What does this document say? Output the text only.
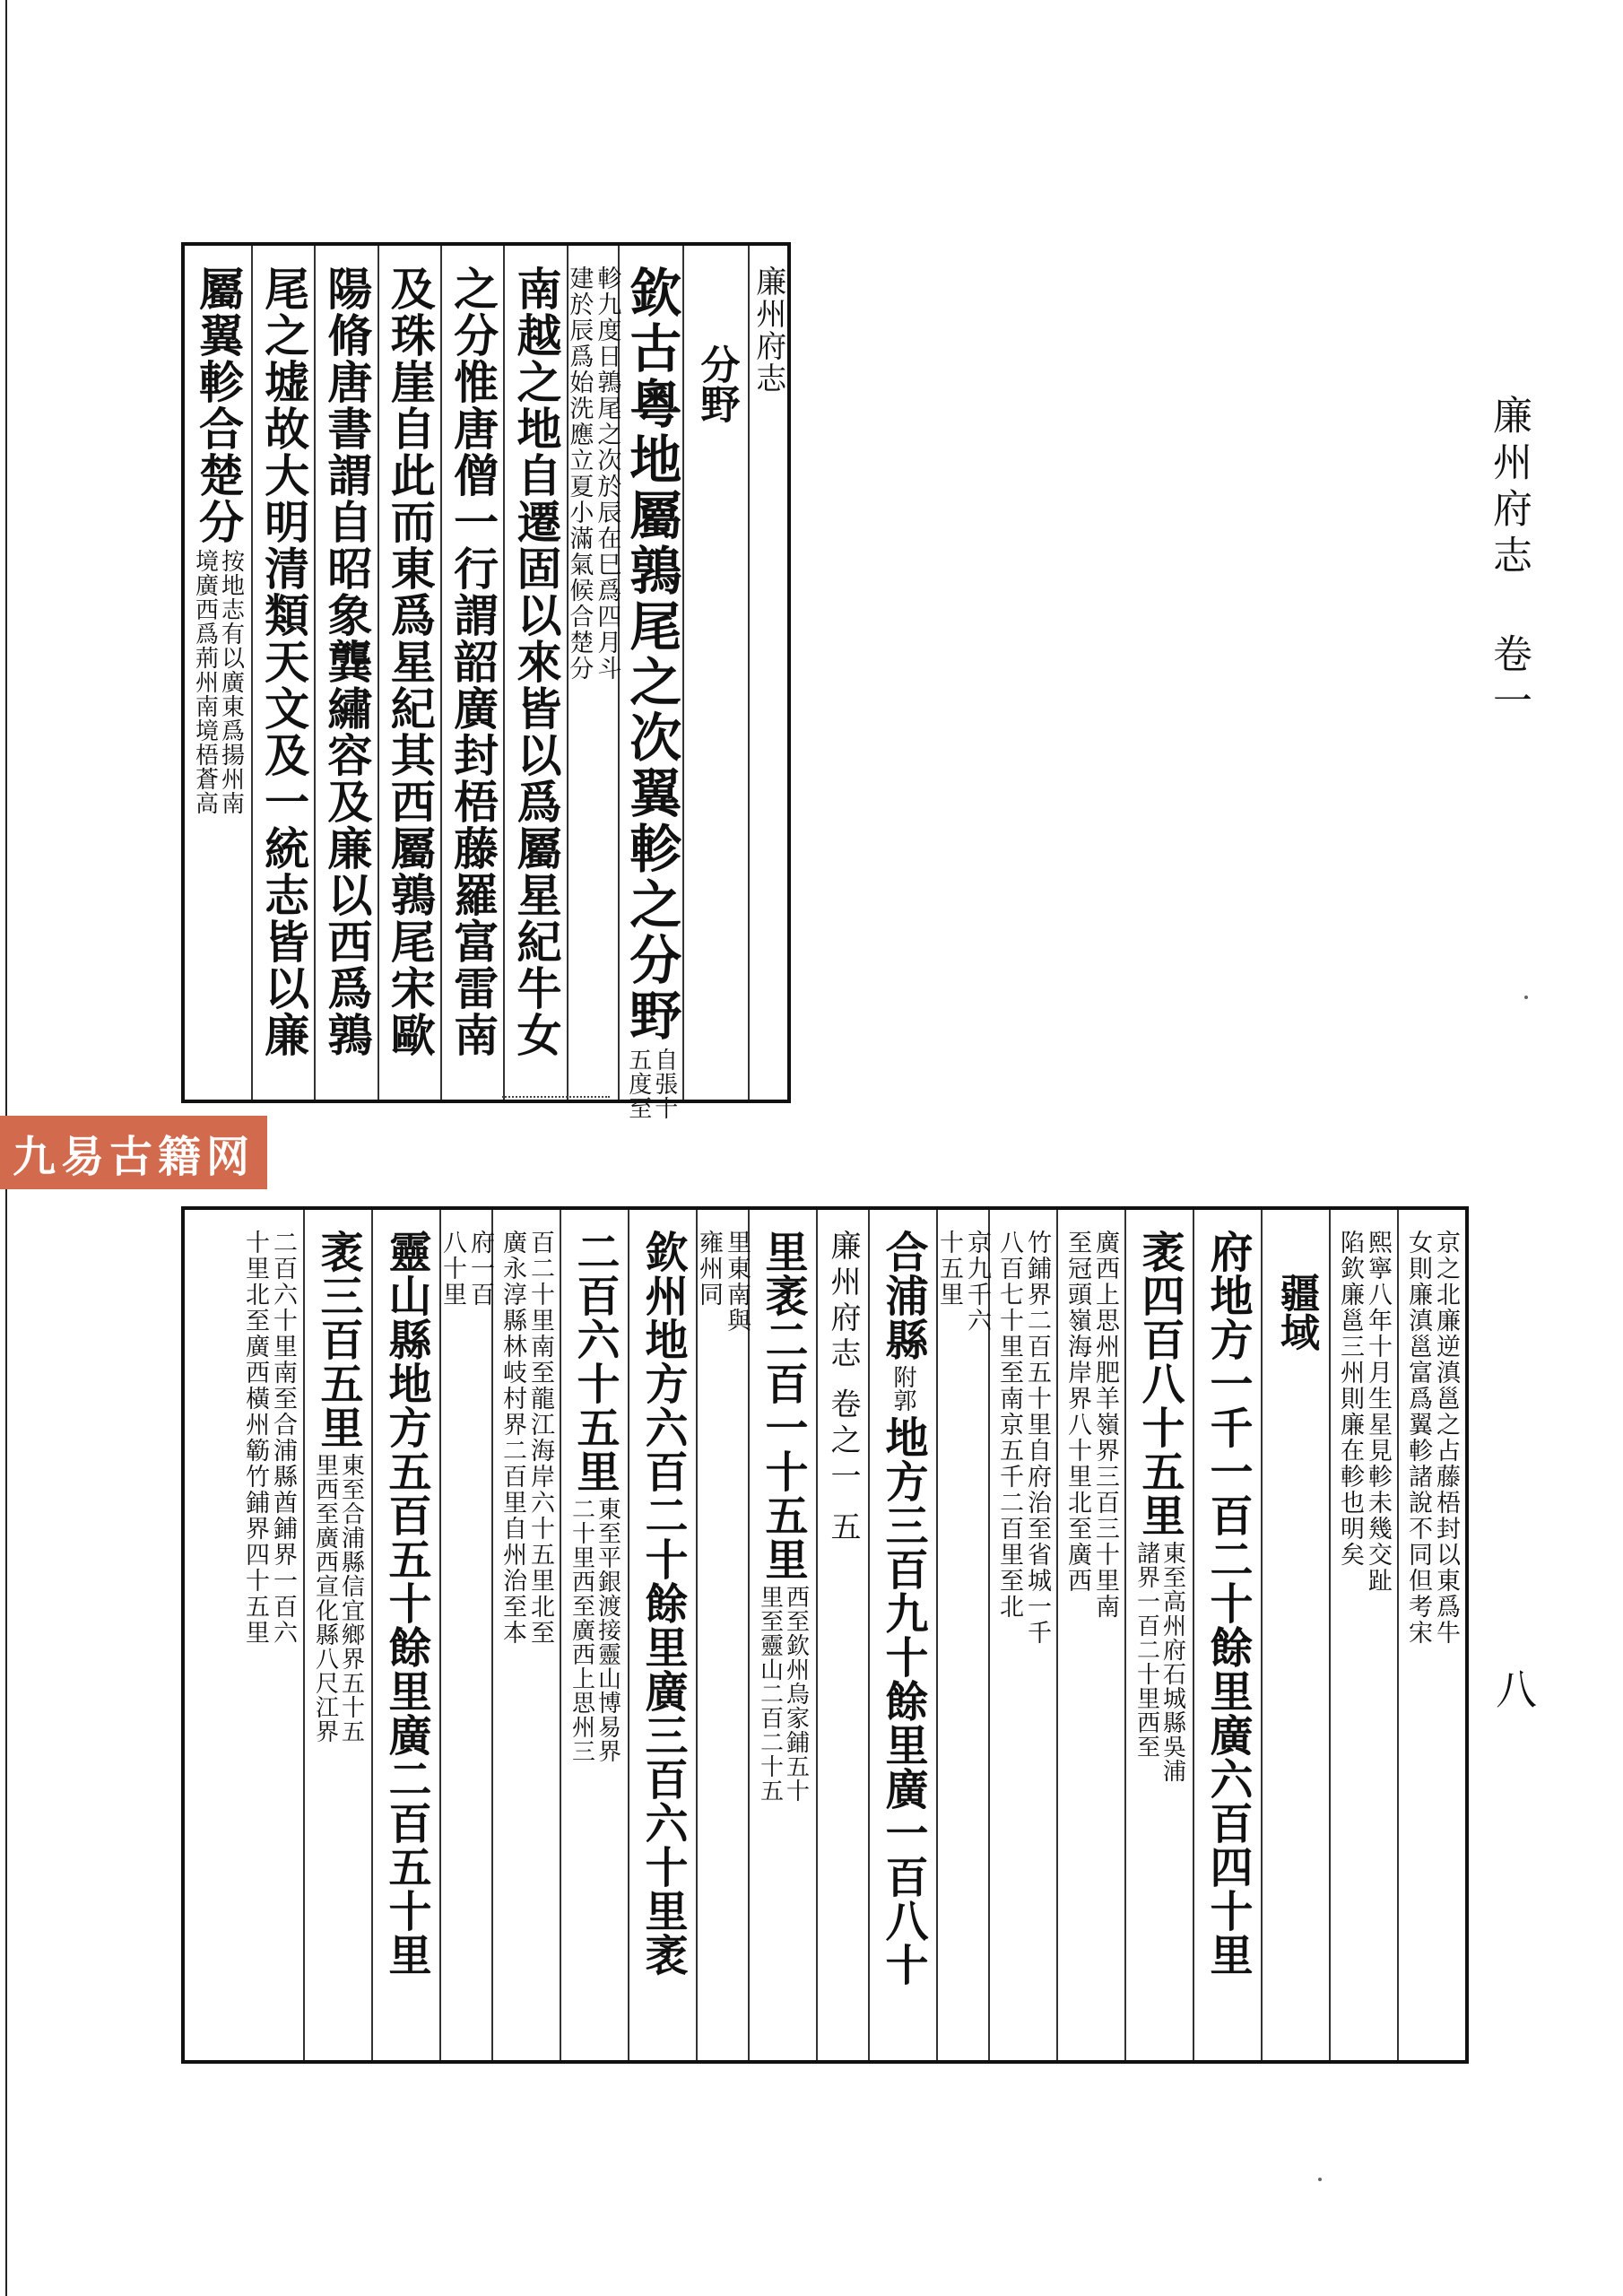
廉州府志卷一
八
九易古籍网
廉州府志
分野
欽古粵地屬鶉尾之次翼軫之分野
自張十
五度至
軫九度日鶉尾之次於辰在巳爲四月斗
建於辰爲始洗應立夏小滿氣候合楚分
南越之地自遷固以來皆以爲屬星紀牛女
之分惟唐僧一行謂韶廣封梧藤羅富雷南
及珠崖自此而東爲星紀其西屬鶉尾宋歐
陽脩唐書謂自昭象龔繡容及廉以西爲鶉
尾之墟故大明清類天文及一統志皆以廉
屬翼軫合楚分
按地志有以廣東爲揚州南
境廣西爲荊州南境梧蒼高
京之北廉逆滇邕之占藤梧封以東爲牛
女則廉滇邕富爲翼軫諸說不同但考宋
熙寧八年十月生星見軫未幾交趾
陷欽廉邕三州則廉在軫也明矣
疆域
府地方一千一百二十餘里廣六百四十里
袤四百八十五里
東至高州府石城縣吳浦
諸界一百二十里西至
廣西上思州肥羊嶺界三百三十里南
至冠頭嶺海岸界八十里北至廣西
竹鋪界二百五十里自府治至省城一千
八百七十里至南京五千二百里至北
京九千六
十五里
合浦縣
附郭
地方三百九十餘里廣一百八十
廉州府志 卷之一 五
里袤二百一十五里
西至欽州烏家鋪五十
里至靈山二百二十五
里東南與
雍州同
欽州地方六百二十餘里廣三百六十里袤
二百六十五里
東至平銀渡接靈山博易界
二十里西至廣西上思州三
百二十里南至龍江海岸六十五里北至
廣永淳縣林岐村界二百里自州治至本
府一百
八十里
靈山縣地方五百五十餘里廣二百五十里
袤三百五里
東至合浦縣信宜鄉界五十五
里西至廣西宣化縣八尺江界
二百六十里南至合浦縣酋鋪界一百六
十里北至廣西橫州簕竹鋪界四十五里
